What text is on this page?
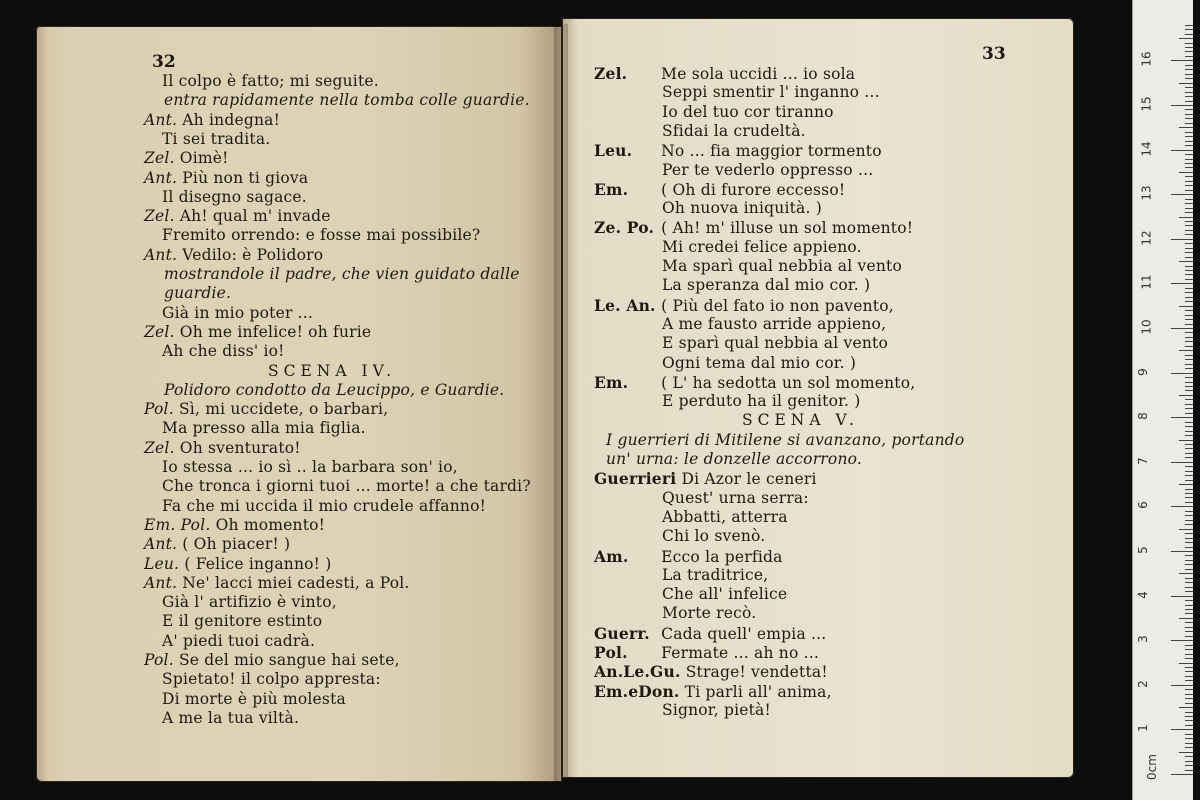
32
Il colpo è fatto; mi seguite.
entra rapidamente nella tomba colle guardie.
Ant. Ah indegna!
Ti sei tradita.
Zel. Oimè!
Ant. Più non ti giova
Il disegno sagace.
Zel. Ah! qual m' invade
Fremito orrendo: e fosse mai possibile?
Ant. Vedilo: è Polidoro
mostrandole il padre, che vien guidato dalle
guardie.
Già in mio poter ...
Zel. Oh me infelice! oh furie
Ah che diss' io!
SCENA IV.
Polidoro condotto da Leucippo, e Guardie.
Pol. Sì, mi uccidete, o barbari,
Ma presso alla mia figlia.
Zel. Oh sventurato!
Io stessa ... io sì .. la barbara son' io,
Che tronca i giorni tuoi ... morte! a che tardi?
Fa che mi uccida il mio crudele affanno!
Em. Pol. Oh momento!
Ant. ( Oh piacer! )
Leu. ( Felice inganno! )
Ant. Ne' lacci miei cadesti, a Pol.
Già l' artifizio è vinto,
E il genitore estinto
A' piedi tuoi cadrà.
Pol. Se del mio sangue hai sete,
Spietato! il colpo appresta:
Di morte è più molesta
A me la tua viltà.
33
Zel. Me sola uccidi ... io sola
Seppi smentir l' inganno ...
Io del tuo cor tiranno
Sfidai la crudeltà.
Leu. No ... fia maggior tormento
Per te vederlo oppresso ...
Em. ( Oh di furore eccesso!
Oh nuova iniquità. )
Ze. Po. ( Ah! m' illuse un sol momento!
Mi credei felice appieno.
Ma sparì qual nebbia al vento
La speranza dal mio cor. )
Le. An. ( Più del fato io non pavento,
A me fausto arride appieno,
E sparì qual nebbia al vento
Ogni tema dal mio cor. )
Em. ( L' ha sedotta un sol momento,
E perduto ha il genitor. )
SCENA V.
I guerrieri di Mitilene si avanzano, portando
un' urna: le donzelle accorrono.
Guerrieri Di Azor le ceneri
Quest' urna serra:
Abbatti, atterra
Chi lo svenò.
Am. Ecco la perfida
La traditrice,
Che all' infelice
Morte recò.
Guerr. Cada quell' empia ...
Pol. Fermate ... ah no ...
An.Le.Gu. Strage! vendetta!
Em.eDon. Ti parli all' anima,
Signor, pietà!
0cm
1
2
3
4
5
6
7
8
9
10
11
12
13
14
15
16
